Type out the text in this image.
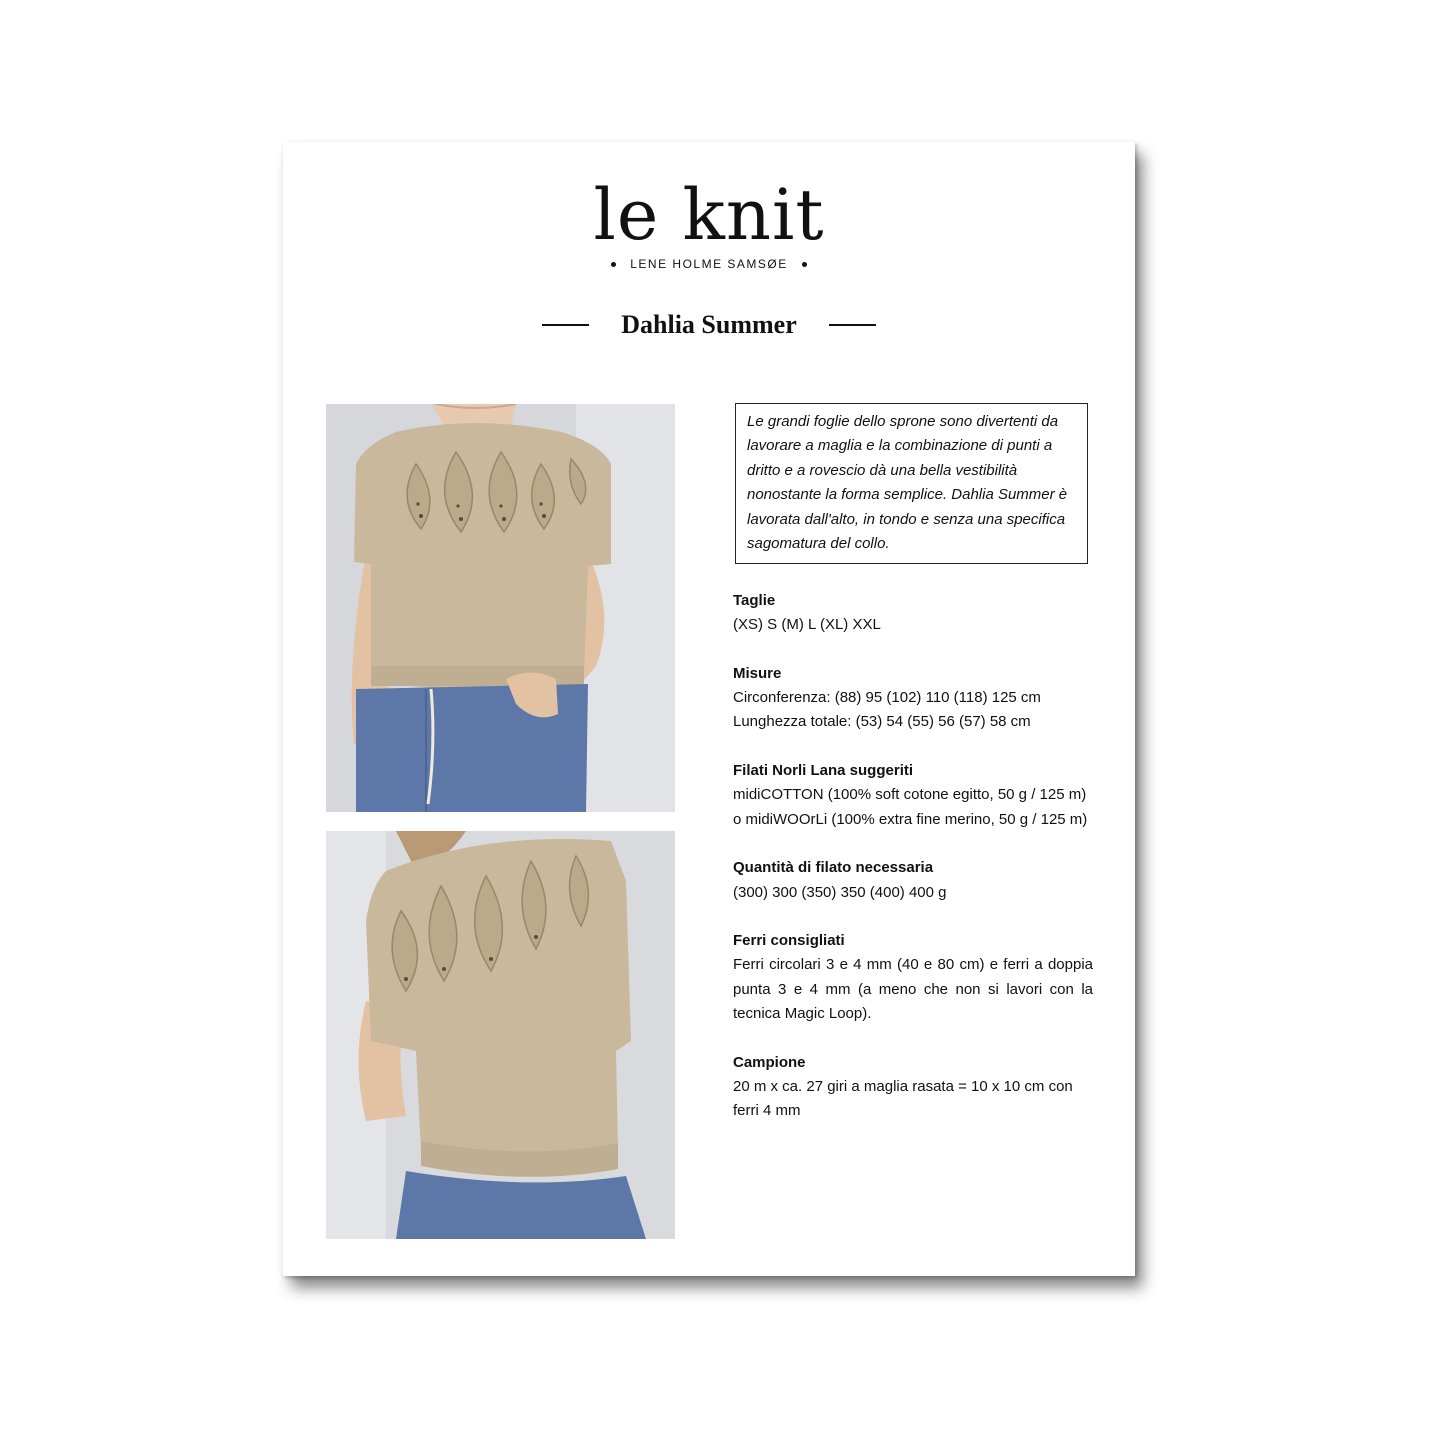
le knit
LENE HOLME SAMSØE
Dahlia Summer
Le grandi foglie dello sprone sono divertenti da lavorare a maglia e la combinazione di punti a dritto e a rovescio dà una bella vestibilità nonostante la forma semplice. Dahlia Summer è lavorata dall'alto, in tondo e senza una specifica sagomatura del collo.
Taglie
(XS) S (M) L (XL) XXL
Misure
Circonferenza: (88) 95 (102) 110 (118) 125 cm
Lunghezza totale: (53) 54 (55) 56 (57) 58 cm
Filati Norli Lana suggeriti
midiCOTTON (100% soft cotone egitto, 50 g / 125 m) o midiWOOrLi (100% extra fine merino, 50 g / 125 m)
Quantità di filato necessaria
(300) 300 (350) 350 (400) 400 g
Ferri consigliati
Ferri circolari 3 e 4 mm (40 e 80 cm) e ferri a doppia punta 3 e 4 mm (a meno che non si lavori con la tecnica Magic Loop).
Campione
20 m x ca. 27 giri a maglia rasata = 10 x 10 cm con ferri 4 mm
